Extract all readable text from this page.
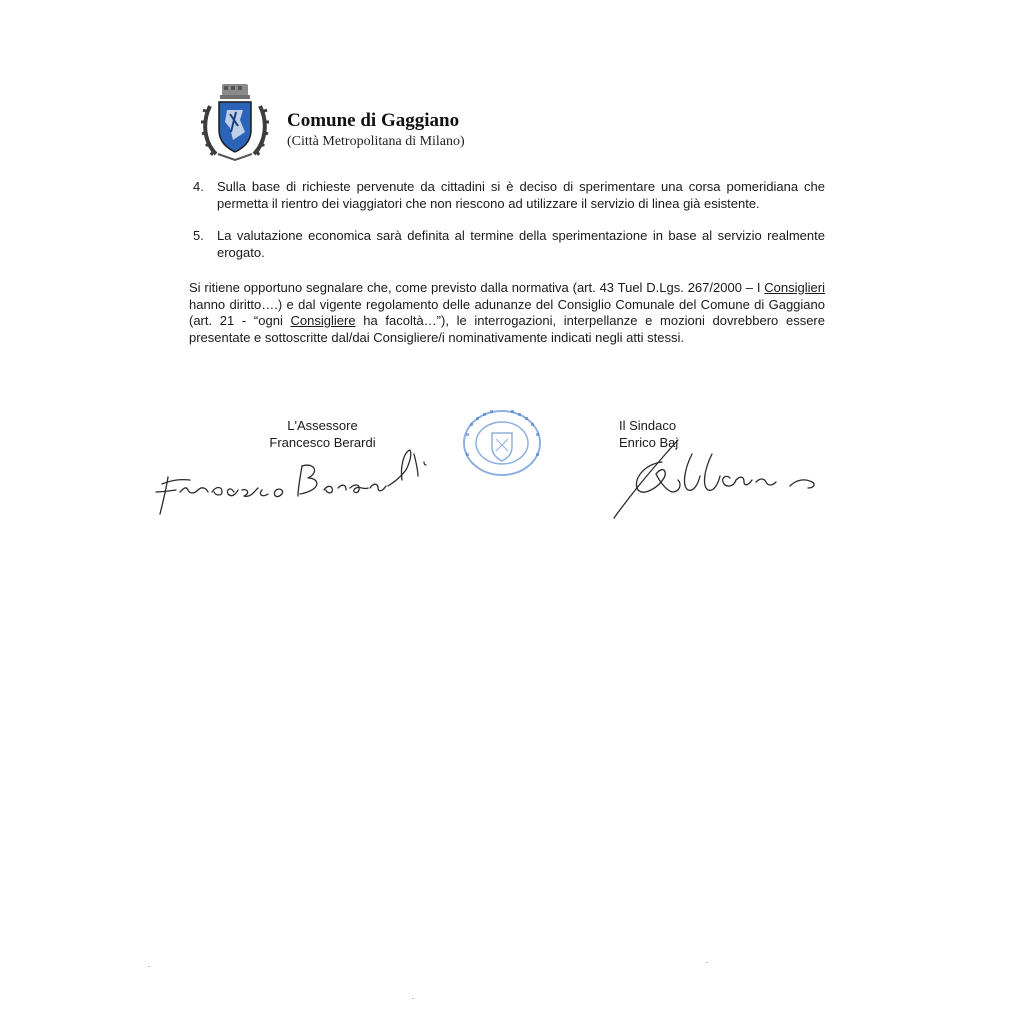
Comune di Gaggiano
(Città Metropolitana di Milano)
4. Sulla base di richieste pervenute da cittadini si è deciso di sperimentare una corsa pomeridiana che permetta il rientro dei viaggiatori che non riescono ad utilizzare il servizio di linea già esistente.
5. La valutazione economica sarà definita al termine della sperimentazione in base al servizio realmente erogato.

Si ritiene opportuno segnalare che, come previsto dalla normativa (art. 43 Tuel D.Lgs. 267/2000 – I Consiglieri hanno diritto….) e dal vigente regolamento delle adunanze del Consiglio Comunale del Comune di Gaggiano (art. 21 - “ogni Consigliere ha facoltà…”), le interrogazioni, interpellanze e mozioni dovrebbero essere presentate e sottoscritte dal/dai Consigliere/i nominativamente indicati negli atti stessi.

L'Assessore
Francesco Berardi
Il Sindaco
Enrico Baj
